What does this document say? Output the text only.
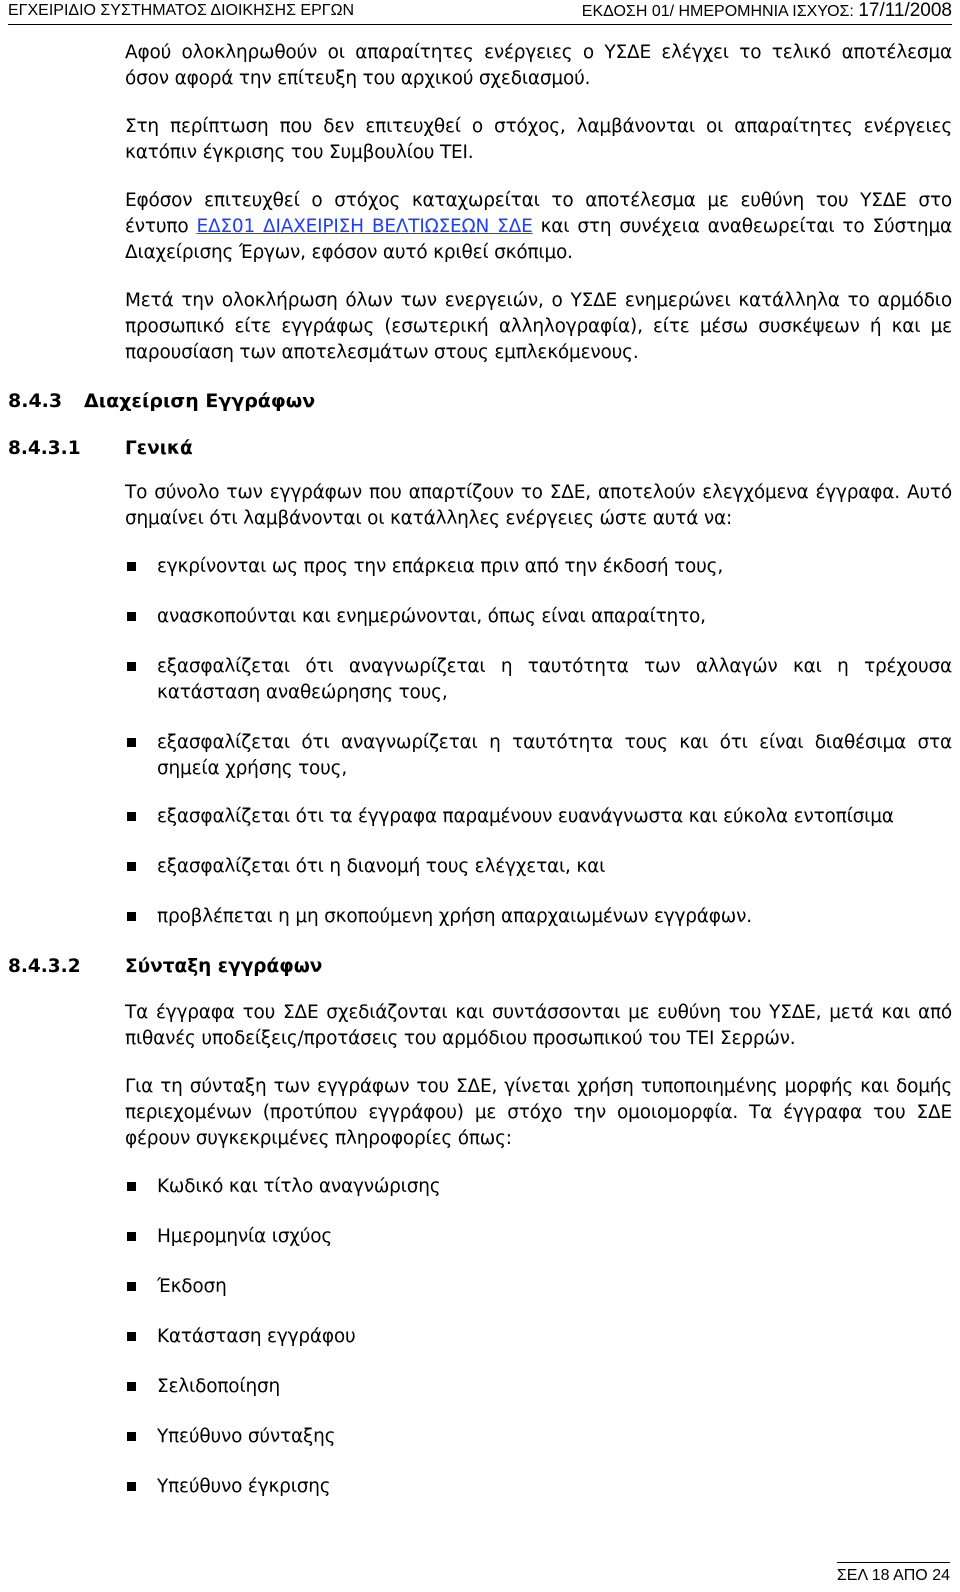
ΕΓΧΕΙΡΙΔΙΟ ΣΥΣΤΗΜΑΤΟΣ ΔΙΟΙΚΗΣΗΣ ΕΡΓΩΝ	ΕΚΔΟΣΗ 01/ ΗΜΕΡΟΜΗΝΙΑ ΙΣΧΥΟΣ: 17/11/2008
Αφού ολοκληρωθούν οι απαραίτητες ενέργειες ο ΥΣΔΕ ελέγχει το τελικό αποτέλεσμα όσον αφορά την επίτευξη του αρχικού σχεδιασμού.
Στη περίπτωση που δεν επιτευχθεί ο στόχος, λαμβάνονται οι απαραίτητες ενέργειες κατόπιν έγκρισης του Συμβουλίου ΤΕΙ.
Εφόσον επιτευχθεί ο στόχος καταχωρείται το αποτέλεσμα με ευθύνη του ΥΣΔΕ στο έντυπο ΕΔΣ01 ΔΙΑΧΕΙΡΙΣΗ ΒΕΛΤΙΩΣΕΩΝ ΣΔΕ και στη συνέχεια αναθεωρείται το Σύστημα Διαχείρισης Έργων, εφόσον αυτό κριθεί σκόπιμο.
Μετά την ολοκλήρωση όλων των ενεργειών, ο ΥΣΔΕ ενημερώνει κατάλληλα το αρμόδιο προσωπικό είτε εγγράφως (εσωτερική αλληλογραφία), είτε μέσω συσκέψεων ή και με παρουσίαση των αποτελεσμάτων στους εμπλεκόμενους.
8.4.3 Διαχείριση Εγγράφων
8.4.3.1 Γενικά
Το σύνολο των εγγράφων που απαρτίζουν το ΣΔΕ, αποτελούν ελεγχόμενα έγγραφα. Αυτό σημαίνει ότι λαμβάνονται οι κατάλληλες ενέργειες ώστε αυτά να:
εγκρίνονται ως προς την επάρκεια πριν από την έκδοσή τους,
ανασκοπούνται και ενημερώνονται, όπως είναι απαραίτητο,
εξασφαλίζεται ότι αναγνωρίζεται η ταυτότητα των αλλαγών και η τρέχουσα κατάσταση αναθεώρησης τους,
εξασφαλίζεται ότι αναγνωρίζεται η ταυτότητα τους και ότι είναι διαθέσιμα στα σημεία χρήσης τους,
εξασφαλίζεται ότι τα έγγραφα παραμένουν ευανάγνωστα και εύκολα εντοπίσιμα
εξασφαλίζεται ότι η διανομή τους ελέγχεται, και
προβλέπεται η μη σκοπούμενη χρήση απαρχαιωμένων εγγράφων.
8.4.3.2 Σύνταξη εγγράφων
Τα έγγραφα του ΣΔΕ σχεδιάζονται και συντάσσονται με ευθύνη του ΥΣΔΕ, μετά και από πιθανές υποδείξεις/προτάσεις του αρμόδιου προσωπικού του ΤΕΙ Σερρών.
Για τη σύνταξη των εγγράφων του ΣΔΕ, γίνεται χρήση τυποποιημένης μορφής και δομής περιεχομένων (προτύπου εγγράφου) με στόχο την ομοιομορφία. Τα έγγραφα του ΣΔΕ φέρουν συγκεκριμένες πληροφορίες όπως:
Κωδικό και τίτλο αναγνώρισης
Ημερομηνία ισχύος
Έκδοση
Κατάσταση εγγράφου
Σελιδοποίηση
Υπεύθυνο σύνταξης
Υπεύθυνο έγκρισης
ΣΕΛ 18 ΑΠΟ 24
